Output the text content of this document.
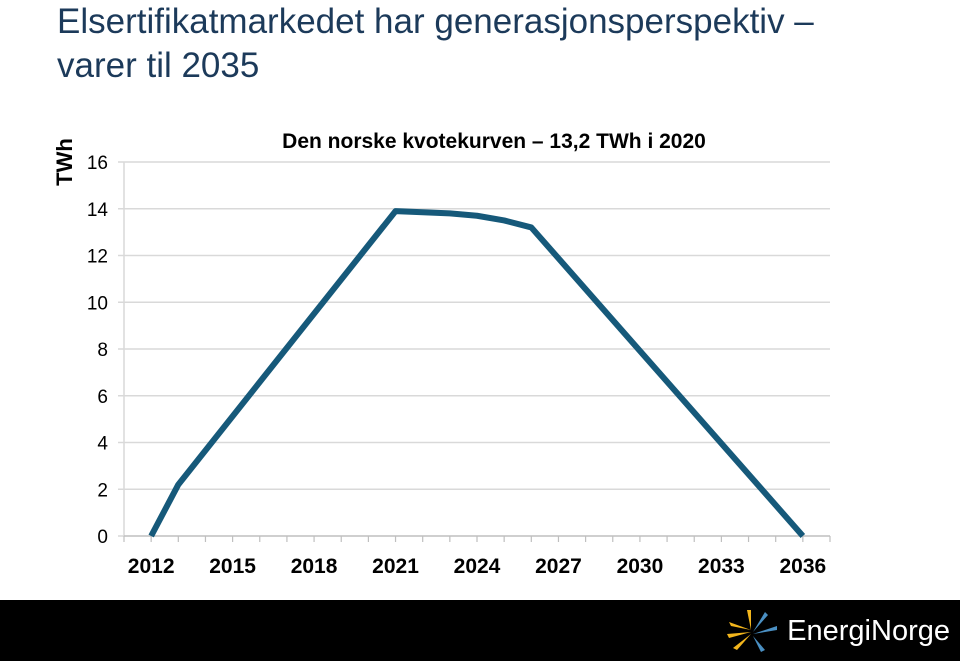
Elsertifikatmarkedet har generasjonsperspektiv –
varer til 2035
0
2
4
6
8
10
12
14
16
2012 2015 2018 2021 2024 2027 2030 2033 2036
TWh	Den norske kvotekurven – 13,2 TWh i 2020
EnergiNorge
